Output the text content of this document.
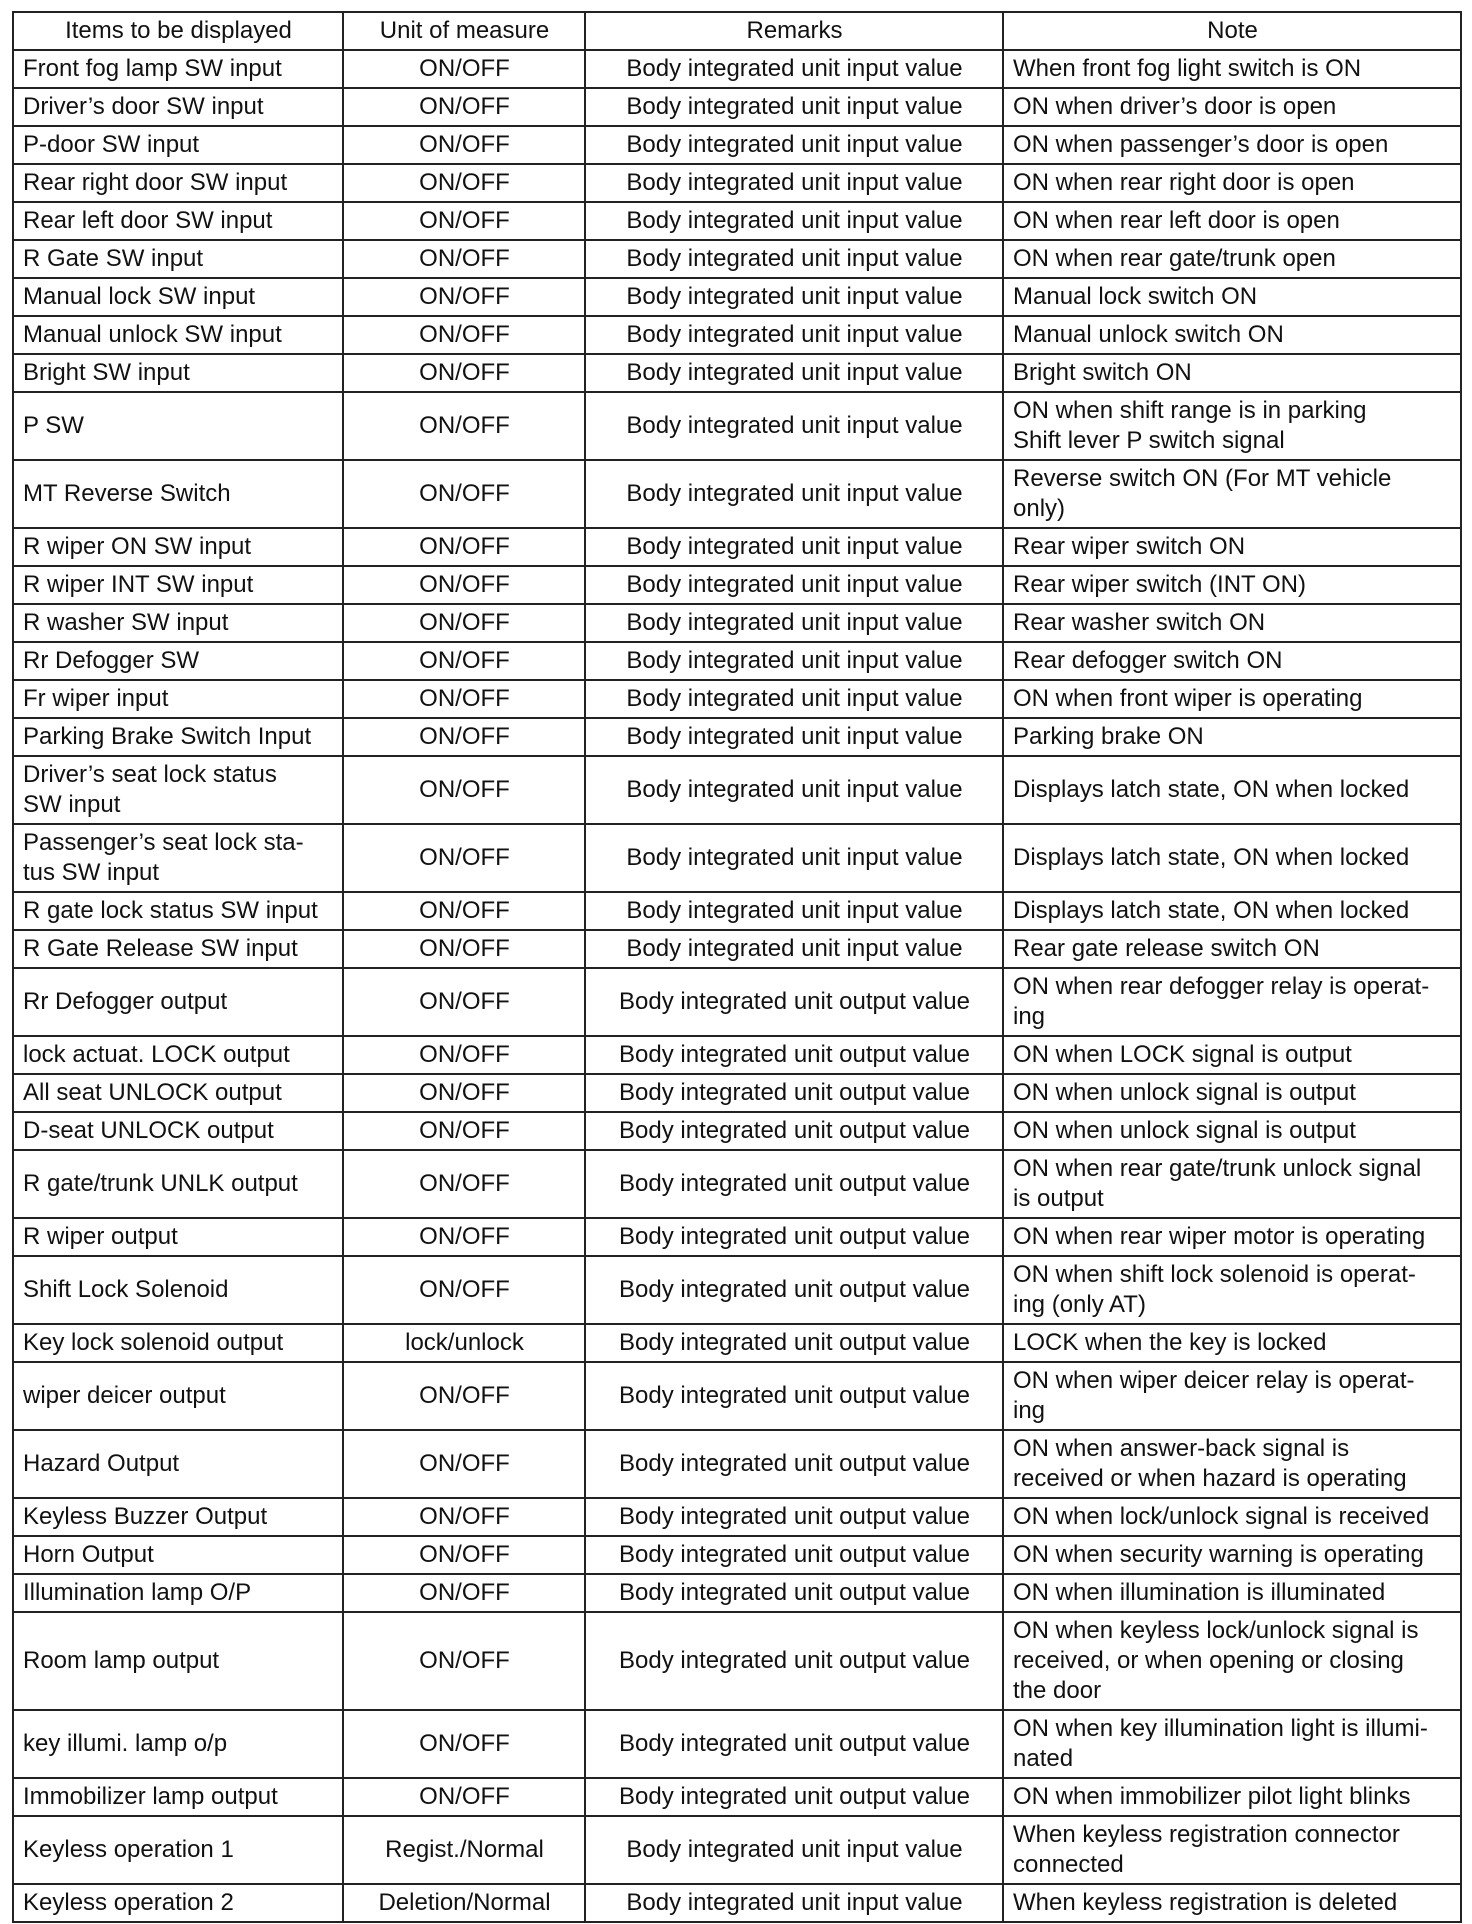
Items to be displayed	Unit of measure	Remarks	Note

Front fog lamp SW input	ON/OFF	Body integrated unit input value	When front fog light switch is ON

Driver’s door SW input	ON/OFF	Body integrated unit input value	ON when driver’s door is open

P-door SW input	ON/OFF	Body integrated unit input value	ON when passenger’s door is open

Rear right door SW input	ON/OFF	Body integrated unit input value	ON when rear right door is open

Rear left door SW input	ON/OFF	Body integrated unit input value	ON when rear left door is open

R Gate SW input	ON/OFF	Body integrated unit input value	ON when rear gate/trunk open

Manual lock SW input	ON/OFF	Body integrated unit input value	Manual lock switch ON

Manual unlock SW input	ON/OFF	Body integrated unit input value	Manual unlock switch ON

Bright SW input	ON/OFF	Body integrated unit input value	Bright switch ON

P SW	ON/OFF	Body integrated unit input value	ON when shift range is in parking
Shift lever P switch signal

MT Reverse Switch	ON/OFF	Body integrated unit input value	Reverse switch ON (For MT vehicle
only)

R wiper ON SW input	ON/OFF	Body integrated unit input value	Rear wiper switch ON

R wiper INT SW input	ON/OFF	Body integrated unit input value	Rear wiper switch (INT ON)

R washer SW input	ON/OFF	Body integrated unit input value	Rear washer switch ON

Rr Defogger SW	ON/OFF	Body integrated unit input value	Rear defogger switch ON

Fr wiper input	ON/OFF	Body integrated unit input value	ON when front wiper is operating

Parking Brake Switch Input	ON/OFF	Body integrated unit input value	Parking brake ON

Driver’s seat lock status
SW input	ON/OFF	Body integrated unit input value	Displays latch state, ON when locked

Passenger’s seat lock sta-
tus SW input	ON/OFF	Body integrated unit input value	Displays latch state, ON when locked

R gate lock status SW input	ON/OFF	Body integrated unit input value	Displays latch state, ON when locked

R Gate Release SW input	ON/OFF	Body integrated unit input value	Rear gate release switch ON

Rr Defogger output	ON/OFF	Body integrated unit output value	ON when rear defogger relay is operat-
ing

lock actuat. LOCK output	ON/OFF	Body integrated unit output value	ON when LOCK signal is output

All seat UNLOCK output	ON/OFF	Body integrated unit output value	ON when unlock signal is output

D-seat UNLOCK output	ON/OFF	Body integrated unit output value	ON when unlock signal is output

R gate/trunk UNLK output	ON/OFF	Body integrated unit output value	ON when rear gate/trunk unlock signal
is output

R wiper output	ON/OFF	Body integrated unit output value	ON when rear wiper motor is operating

Shift Lock Solenoid	ON/OFF	Body integrated unit output value	ON when shift lock solenoid is operat-
ing (only AT)

Key lock solenoid output	lock/unlock	Body integrated unit output value	LOCK when the key is locked

wiper deicer output	ON/OFF	Body integrated unit output value	ON when wiper deicer relay is operat-
ing

Hazard Output	ON/OFF	Body integrated unit output value	ON when answer-back signal is
received or when hazard is operating

Keyless Buzzer Output	ON/OFF	Body integrated unit output value	ON when lock/unlock signal is received

Horn Output	ON/OFF	Body integrated unit output value	ON when security warning is operating

Illumination lamp O/P	ON/OFF	Body integrated unit output value	ON when illumination is illuminated

Room lamp output	ON/OFF	Body integrated unit output value	ON when keyless lock/unlock signal is
received, or when opening or closing
the door

key illumi. lamp o/p	ON/OFF	Body integrated unit output value	ON when key illumination light is illumi-
nated

Immobilizer lamp output	ON/OFF	Body integrated unit output value	ON when immobilizer pilot light blinks

Keyless operation 1	Regist./Normal	Body integrated unit input value	When keyless registration connector
connected

Keyless operation 2	Deletion/Normal	Body integrated unit input value	When keyless registration is deleted
